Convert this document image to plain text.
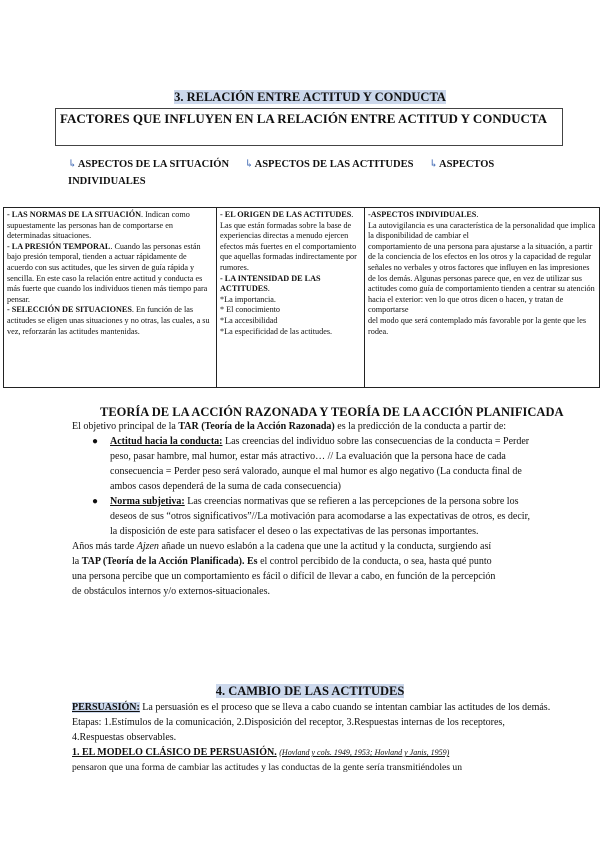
3. RELACIÓN ENTRE ACTITUD Y CONDUCTA
FACTORES QUE INFLUYEN EN LA RELACIÓN ENTRE ACTITUD Y CONDUCTA
↳ASPECTOS DE LA SITUACIÓN ↳ASPECTOS DE LAS ACTITUDES ↳ASPECTOS INDIVIDUALES
- LAS NORMAS DE LA SITUACIÓN. Indican como supuestamente las personas han de comportarse en determinadas situaciones.
- LA PRESIÓN TEMPORAL. Cuando las personas están bajo presión temporal, tienden a actuar rápidamente de acuerdo con sus actitudes, que les sirven de guía rápida y sencilla. En este caso la relación entre actitud y conducta es más fuerte que cuando los individuos tienen más tiempo para pensar.
- SELECCIÓN DE SITUACIONES. En función de las actitudes se eligen unas situaciones y no otras, las cuales, a su vez, reforzarán las actitudes mantenidas.	- EL ORIGEN DE LAS ACTITUDES. Las que están formadas sobre la base de experiencias directas a menudo ejercen efectos más fuertes en el comportamiento que aquellas formadas indirectamente por rumores.
- LA INTENSIDAD DE LAS ACTITUDES.
*La importancia.
* El conocimiento
*La accesibilidad
*La especificidad de las actitudes.	-ASPECTOS INDIVIDUALES.
La autovigilancia es una característica de la personalidad que implica la disponibilidad de cambiar el
comportamiento de una persona para ajustarse a la situación, a partir de la conciencia de los efectos en los otros y la capacidad de regular señales no verbales y otros factores que influyen en las impresiones de los demás. Algunas personas parece que, en vez de utilizar sus actitudes como guía de comportamiento tienden a centrar su atención hacia el exterior: ven lo que otros dicen o hacen, y tratan de comportarse
del modo que será contemplado más favorable por la gente que les rodea.
TEORÍA DE LA ACCIÓN RAZONADA Y TEORÍA DE LA ACCIÓN PLANIFICADA
El objetivo principal de la TAR (Teoría de la Acción Razonada) es la predicción de la conducta a partir de:
● Actitud hacia la conducta: Las creencias del individuo sobre las consecuencias de la conducta = Perder peso, pasar hambre, mal humor, estar más atractivo… // La evaluación que la persona hace de cada consecuencia = Perder peso será valorado, aunque el mal humor es algo negativo (La conducta final de ambos casos dependerá de la suma de cada consecuencia)
● Norma subjetiva: Las creencias normativas que se refieren a las percepciones de la persona sobre los deseos de sus “otros significativos”//La motivación para acomodarse a las expectativas de otros, es decir, la disposición de este para satisfacer el deseo o las expectativas de las personas importantes.
Años más tarde Ajzen añade un nuevo eslabón a la cadena que une la actitud y la conducta, surgiendo así
la TAP (Teoría de la Acción Planificada). Es el control percibido de la conducta, o sea, hasta qué punto
una persona percibe que un comportamiento es fácil o difícil de llevar a cabo, en función de la percepción
de obstáculos internos y/o externos-situacionales.
4. CAMBIO DE LAS ACTITUDES
PERSUASIÓN: La persuasión es el proceso que se lleva a cabo cuando se intentan cambiar las actitudes de los demás. Etapas: 1.Estímulos de la comunicación, 2.Disposición del receptor, 3.Respuestas internas de los receptores, 4.Respuestas observables.
1. EL MODELO CLÁSICO DE PERSUASIÓN. (Hovland y cols. 1949, 1953; Hovland y Janis, 1959)
pensaron que una forma de cambiar las actitudes y las conductas de la gente sería transmitiéndoles un
